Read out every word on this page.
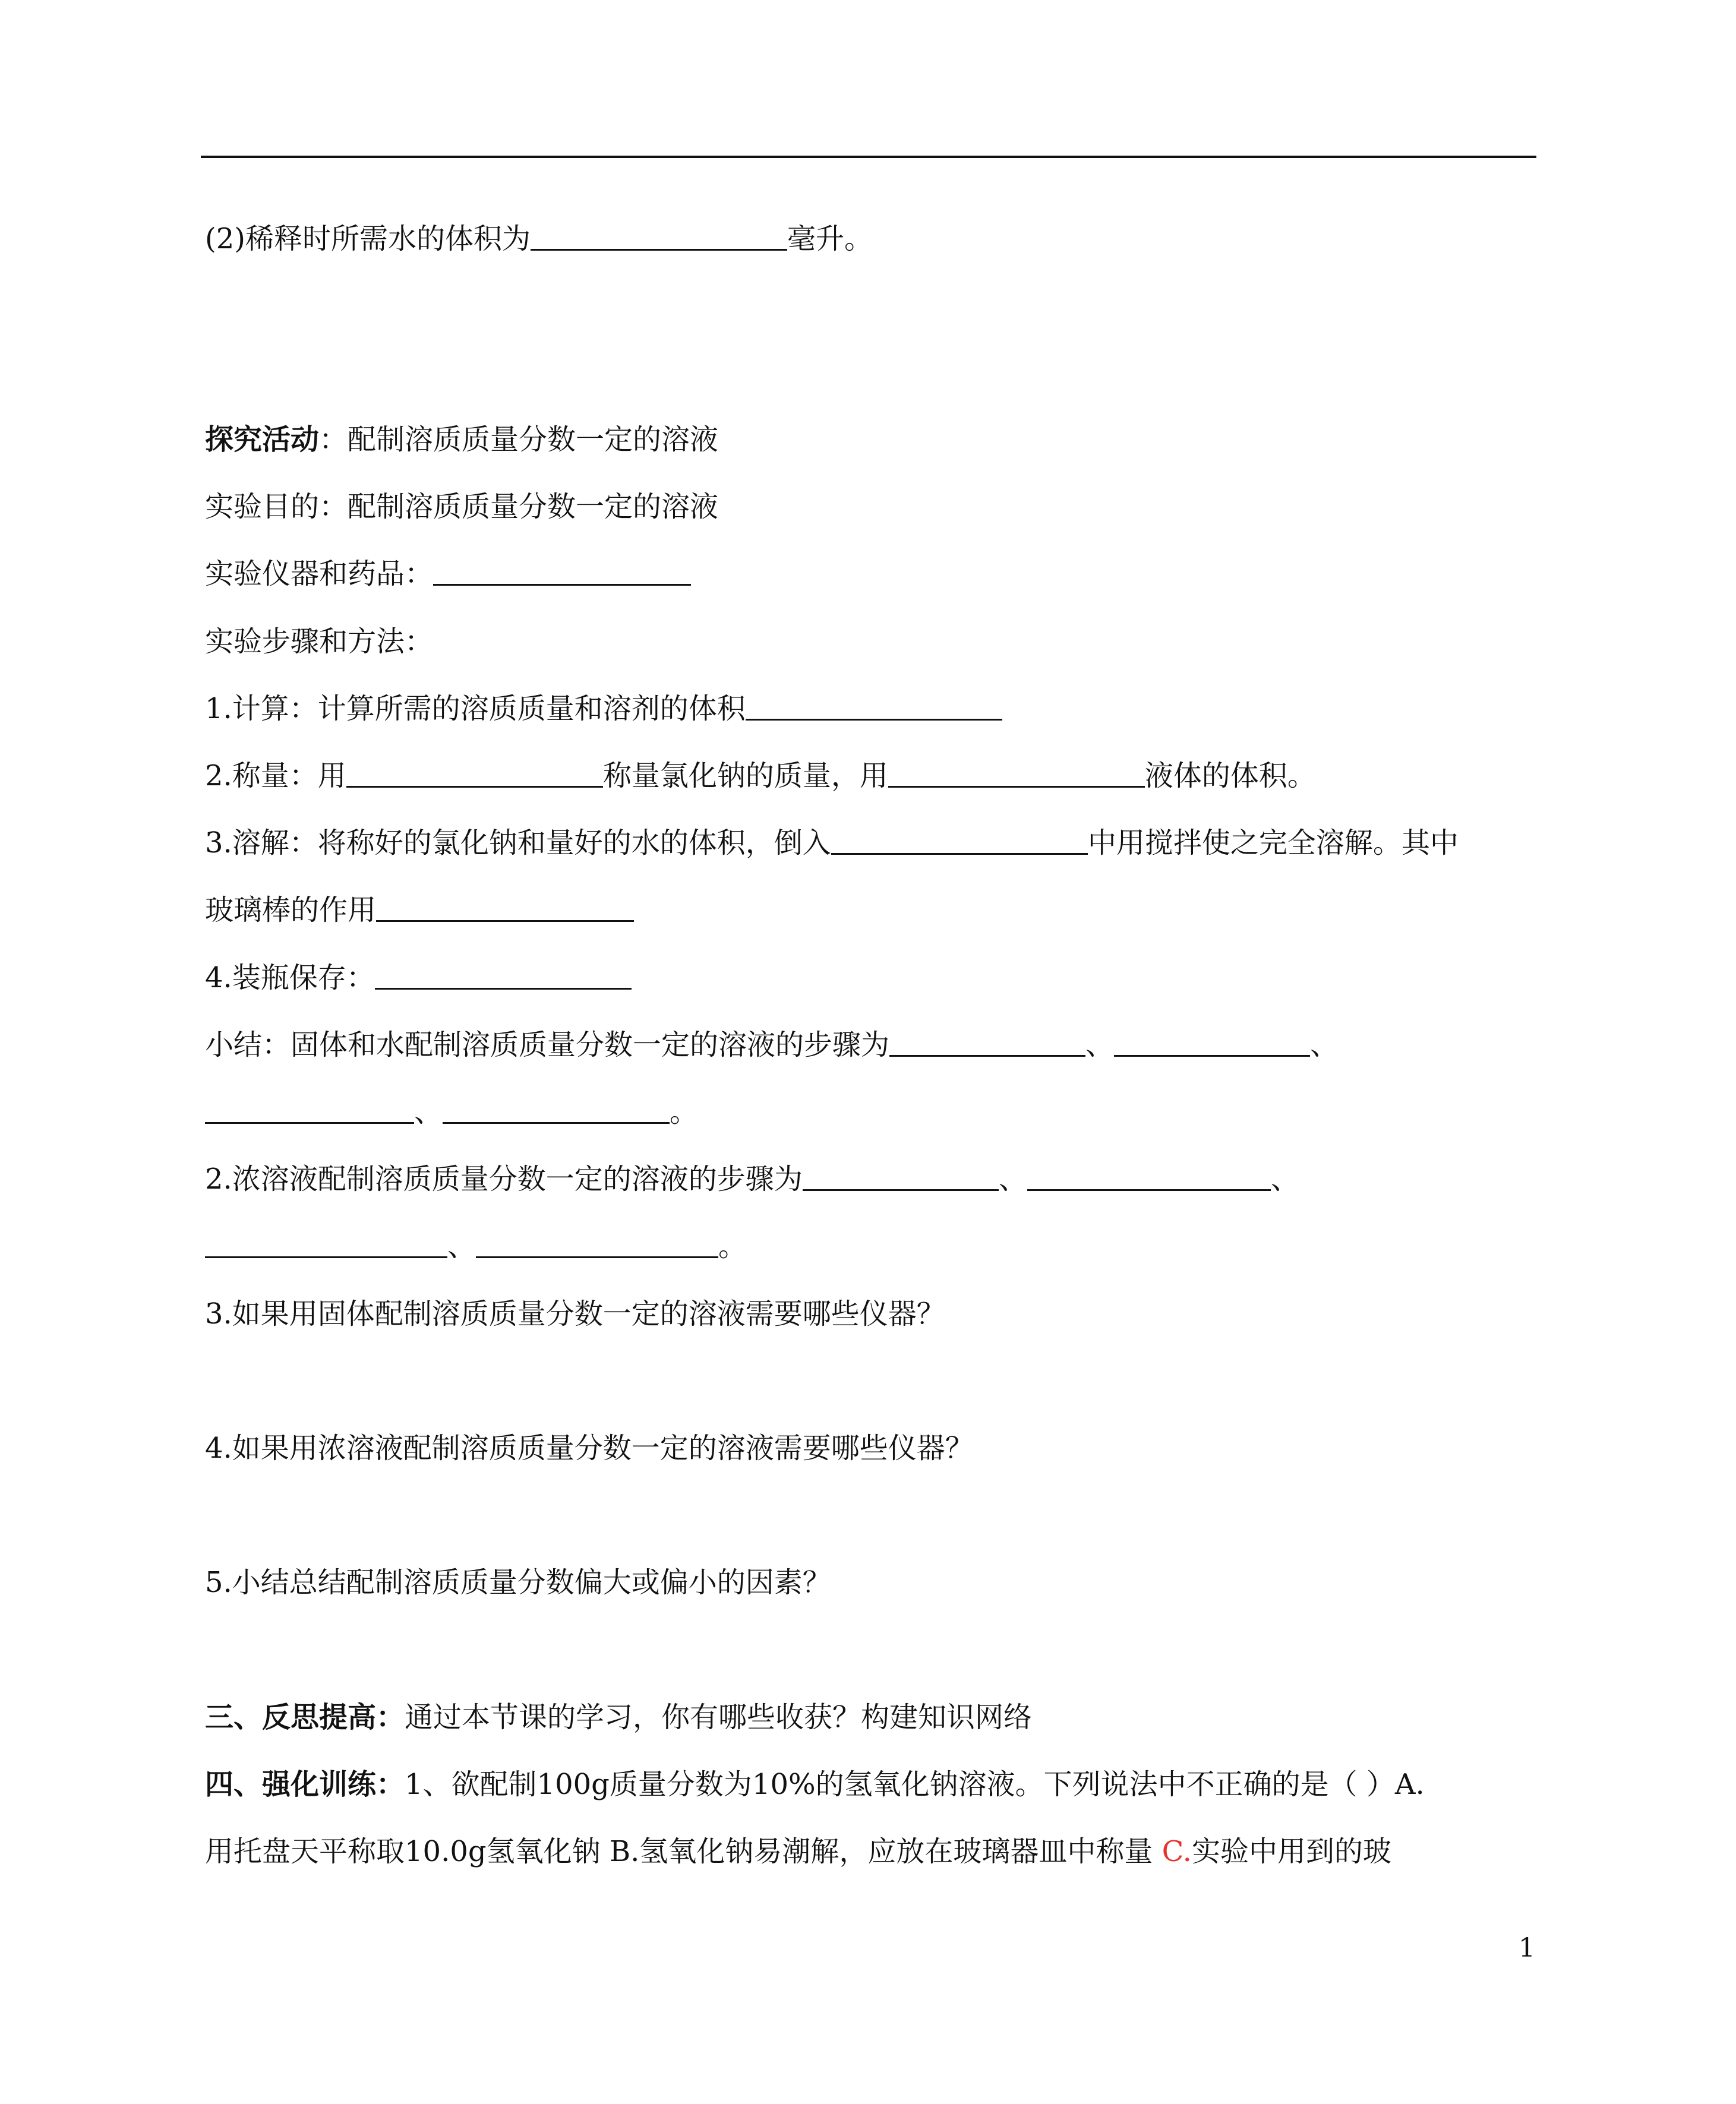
(2)稀释时所需水的体积为	毫升。
探究活动：配制溶质质量分数一定的溶液
实验目的：配制溶质质量分数一定的溶液
实验仪器和药品：
实验步骤和方法：
1.计算：计算所需的溶质质量和溶剂的体积
2.称量：用	称量氯化钠的质量，用	液体的体积。
3.溶解：将称好的氯化钠和量好的水的体积，倒入	中用搅拌使之完全溶解。其中
玻璃棒的作用
4.装瓶保存：
小结：固体和水配制溶质质量分数一定的溶液的步骤为	、	、
、	。
2.浓溶液配制溶质质量分数一定的溶液的步骤为	、	、
、	。
3.如果用固体配制溶质质量分数一定的溶液需要哪些仪器？
4.如果用浓溶液配制溶质质量分数一定的溶液需要哪些仪器？
5.小结总结配制溶质质量分数偏大或偏小的因素？
三、反思提高：通过本节课的学习，你有哪些收获？构建知识网络
四、强化训练：1、欲配制100g质量分数为10%的氢氧化钠溶液。下列说法中不正确的是（ ）A.
用托盘天平称取10.0g氢氧化钠 B.氢氧化钠易潮解，应放在玻璃器皿中称量 C.实验中用到的玻
1
